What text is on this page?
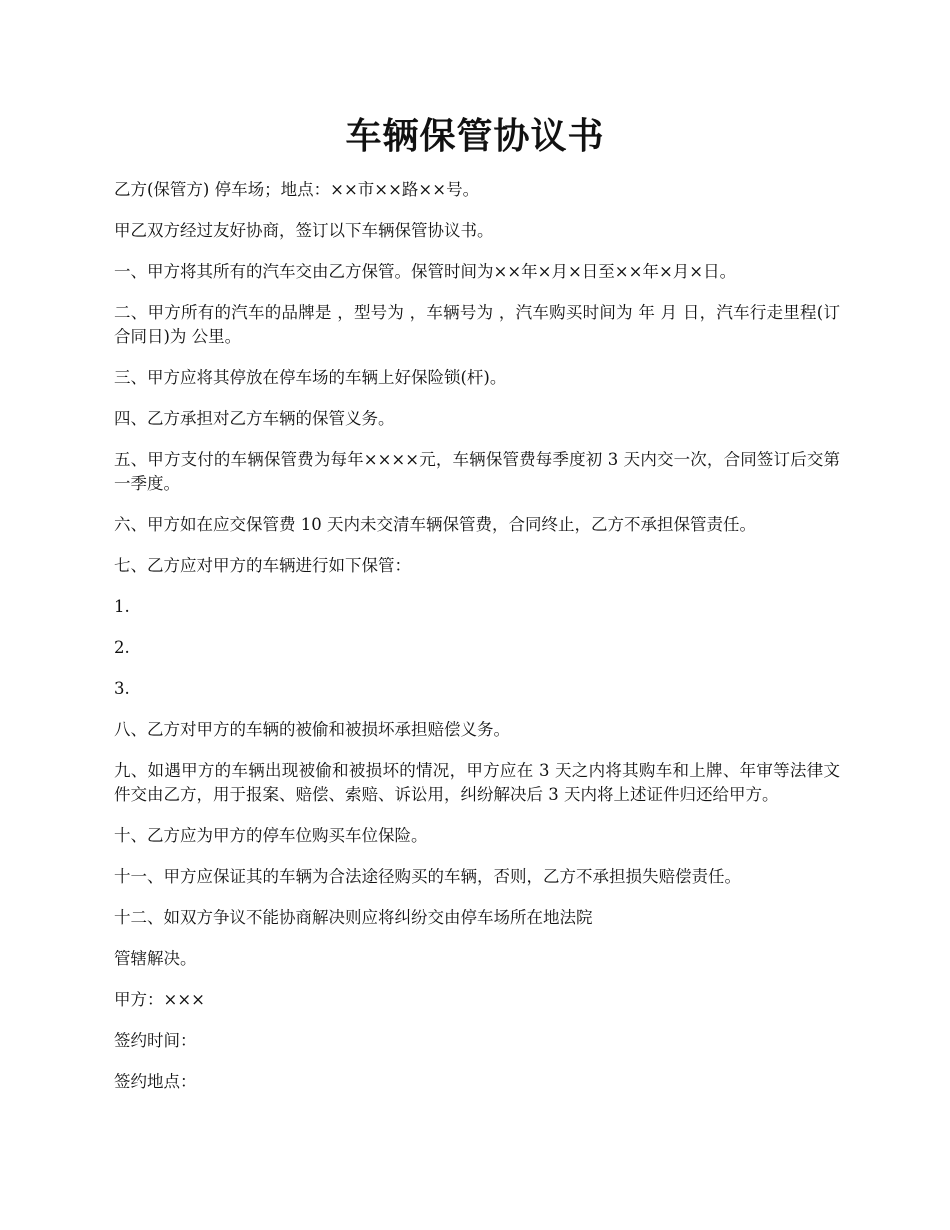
车辆保管协议书

乙方(保管方) 停车场；地点：××市××路××号。

甲乙双方经过友好协商，签订以下车辆保管协议书。

一、甲方将其所有的汽车交由乙方保管。保管时间为××年×月×日至××年×月×日。

二、甲方所有的汽车的品牌是 ，型号为 ，车辆号为 ，汽车购买时间为 年 月 日，汽车行走里程(订合同日)为 公里。

三、甲方应将其停放在停车场的车辆上好保险锁(杆)。

四、乙方承担对乙方车辆的保管义务。

五、甲方支付的车辆保管费为每年××××元，车辆保管费每季度初 3 天内交一次，合同签订后交第一季度。

六、甲方如在应交保管费 10 天内未交清车辆保管费，合同终止，乙方不承担保管责任。

七、乙方应对甲方的车辆进行如下保管：

1.

2.

3.

八、乙方对甲方的车辆的被偷和被损坏承担赔偿义务。

九、如遇甲方的车辆出现被偷和被损坏的情况，甲方应在 3 天之内将其购车和上牌、年审等法律文件交由乙方，用于报案、赔偿、索赔、诉讼用，纠纷解决后 3 天内将上述证件归还给甲方。

十、乙方应为甲方的停车位购买车位保险。

十一、甲方应保证其的车辆为合法途径购买的车辆，否则，乙方不承担损失赔偿责任。

十二、如双方争议不能协商解决则应将纠纷交由停车场所在地法院

管辖解决。

甲方：×××

签约时间：

签约地点：
